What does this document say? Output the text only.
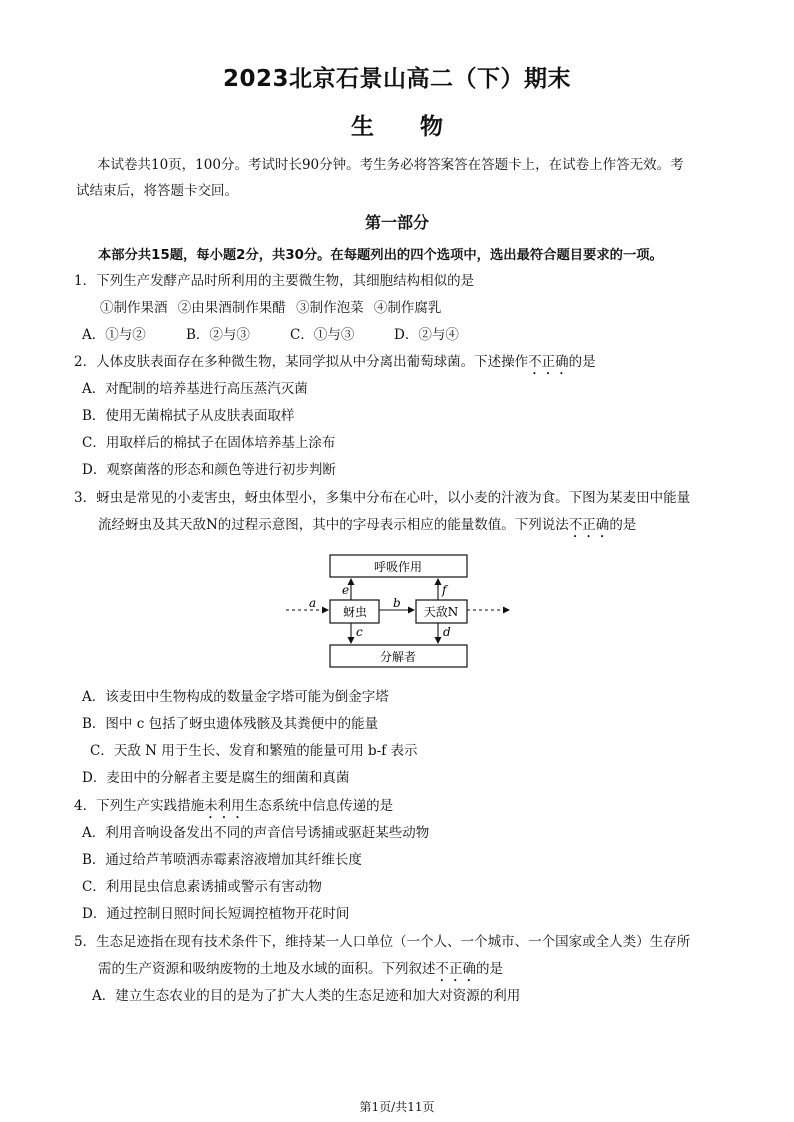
2023北京石景山高二（下）期末
生 物
本试卷共10页，100分。考试时长90分钟。考生务必将答案答在答题卡上，在试卷上作答无效。考
试结束后，将答题卡交回。
第一部分
本部分共15题，每小题2分，共30分。在每题列出的四个选项中，选出最符合题目要求的一项。
1．下列生产发酵产品时所利用的主要微生物，其细胞结构相似的是
①制作果酒 ②由果酒制作果醋 ③制作泡菜 ④制作腐乳
A．①与②	B．②与③	C．①与③	D．②与④
2．人体皮肤表面存在多种微生物，某同学拟从中分离出葡萄球菌。下述操作不正确的是
A．对配制的培养基进行高压蒸汽灭菌
B．使用无菌棉拭子从皮肤表面取样
C．用取样后的棉拭子在固体培养基上涂布
D．观察菌落的形态和颜色等进行初步判断
3．蚜虫是常见的小麦害虫，蚜虫体型小，多集中分布在心叶，以小麦的汁液为食。下图为某麦田中能量
流经蚜虫及其天敌N的过程示意图，其中的字母表示相应的能量数值。下列说法不正确的是
呼吸作用
蚜虫	天敌N
分解者
a	b
e	f
c	d
A．该麦田中生物构成的数量金字塔可能为倒金字塔
B．图中 c 包括了蚜虫遗体残骸及其粪便中的能量
C．天敌 N 用于生长、发育和繁殖的能量可用 b-f 表示
D．麦田中的分解者主要是腐生的细菌和真菌
4．下列生产实践措施未利用生态系统中信息传递的是
A．利用音响设备发出不同的声音信号诱捕或驱赶某些动物
B．通过给芦苇喷洒赤霉素溶液增加其纤维长度
C．利用昆虫信息素诱捕或警示有害动物
D．通过控制日照时间长短调控植物开花时间
5．生态足迹指在现有技术条件下，维持某一人口单位（一个人、一个城市、一个国家或全人类）生存所
需的生产资源和吸纳废物的土地及水域的面积。下列叙述不正确的是
A．建立生态农业的目的是为了扩大人类的生态足迹和加大对资源的利用
第1页/共11页
